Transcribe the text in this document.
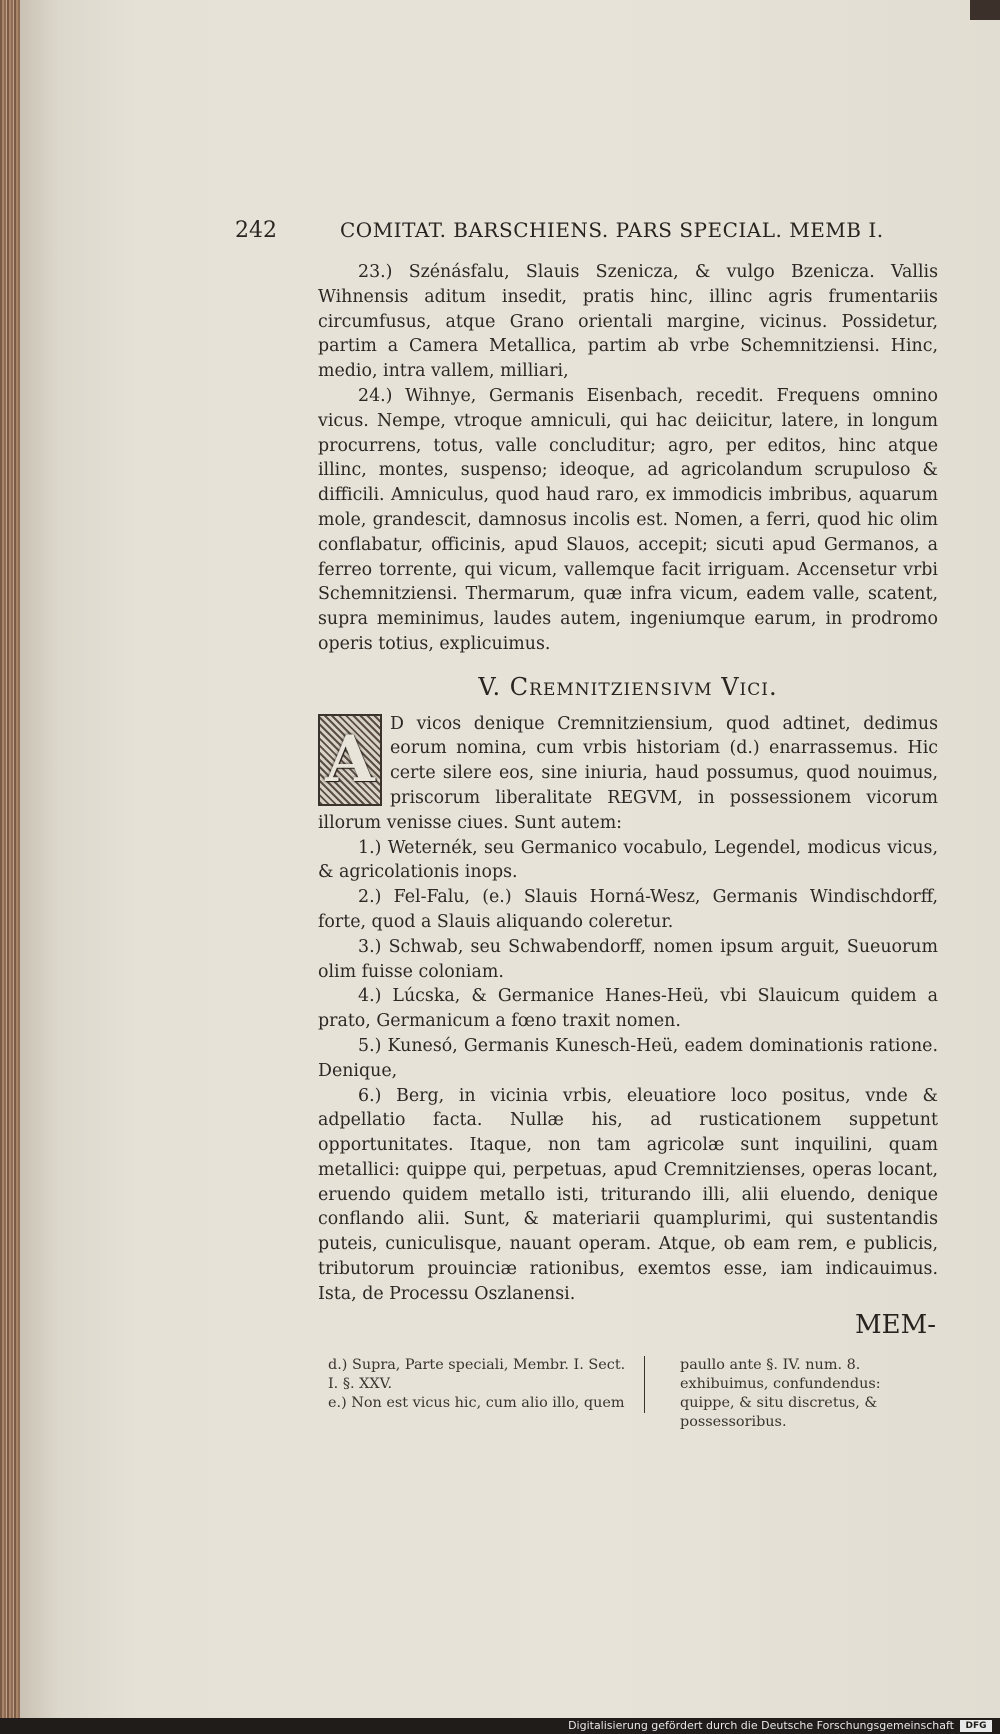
242	COMITAT. BARSCHIENS. PARS SPECIAL. MEMB I.

23.) Szénásfalu, Slauis Szenicza, & vulgo Bzenicza. Vallis Wihnensis aditum insedit, pratis hinc, illinc agris frumentariis circumfusus, atque Grano orientali margine, vicinus. Possidetur, partim a Camera Metallica, partim ab vrbe Schemnitziensi. Hinc, medio, intra vallem, milliari,

24.) Wihnye, Germanis Eisenbach, recedit. Frequens omnino vicus. Nempe, vtroque amniculi, qui hac deiicitur, latere, in longum procurrens, totus, valle concluditur; agro, per editos, hinc atque illinc, montes, suspenso; ideoque, ad agricolandum scrupuloso & difficili. Amniculus, quod haud raro, ex immodicis imbribus, aquarum mole, grandescit, damnosus incolis est. Nomen, a ferri, quod hic olim conflabatur, officinis, apud Slauos, accepit; sicuti apud Germanos, a ferreo torrente, qui vicum, vallemque facit irriguam. Accensetur vrbi Schemnitziensi. Thermarum, quæ infra vicum, eadem valle, scatent, supra meminimus, laudes autem, ingeniumque earum, in prodromo operis totius, explicuimus.

V. Cremnitziensivm Vici.
A D vicos denique Cremnitziensium, quod adtinet, dedimus eorum nomina, cum vrbis historiam (d.) enarrassemus. Hic certe silere eos, sine iniuria, haud possumus, quod nouimus, priscorum liberalitate REGVM, in possessionem vicorum illorum venisse ciues. Sunt autem:

1.) Weternék, seu Germanico vocabulo, Legendel, modicus vicus, & agricolationis inops.

2.) Fel-Falu, (e.) Slauis Horná-Wesz, Germanis Windischdorff, forte, quod a Slauis aliquando coleretur.

3.) Schwab, seu Schwabendorff, nomen ipsum arguit, Sueuorum olim fuisse coloniam.

4.) Lúcska, & Germanice Hanes-Heü, vbi Slauicum quidem a prato, Germanicum a fœno traxit nomen.

5.) Kunesó, Germanis Kunesch-Heü, eadem dominationis ratione. Denique,

6.) Berg, in vicinia vrbis, eleuatiore loco positus, vnde & adpellatio facta. Nullæ his, ad rusticationem suppetunt opportunitates. Itaque, non tam agricolæ sunt inquilini, quam metallici: quippe qui, perpetuas, apud Cremnitzienses, operas locant, eruendo quidem metallo isti, triturando illi, alii eluendo, denique conflando alii. Sunt, & materiarii quamplurimi, qui sustentandis puteis, cuniculisque, nauant operam. Atque, ob eam rem, e publicis, tributorum prouinciæ rationibus, exemtos esse, iam indicauimus. Ista, de Processu Oszlanensi.

MEM-

d.) Supra, Parte speciali, Membr. I. Sect. I. §. XXV.

e.) Non est vicus hic, cum alio illo, quem

paullo ante §. IV. num. 8. exhibuimus, confundendus: quippe, & situ discretus, & possessoribus.

Digitalisierung gefördert durch die Deutsche Forschungsgemeinschaft	DFG
